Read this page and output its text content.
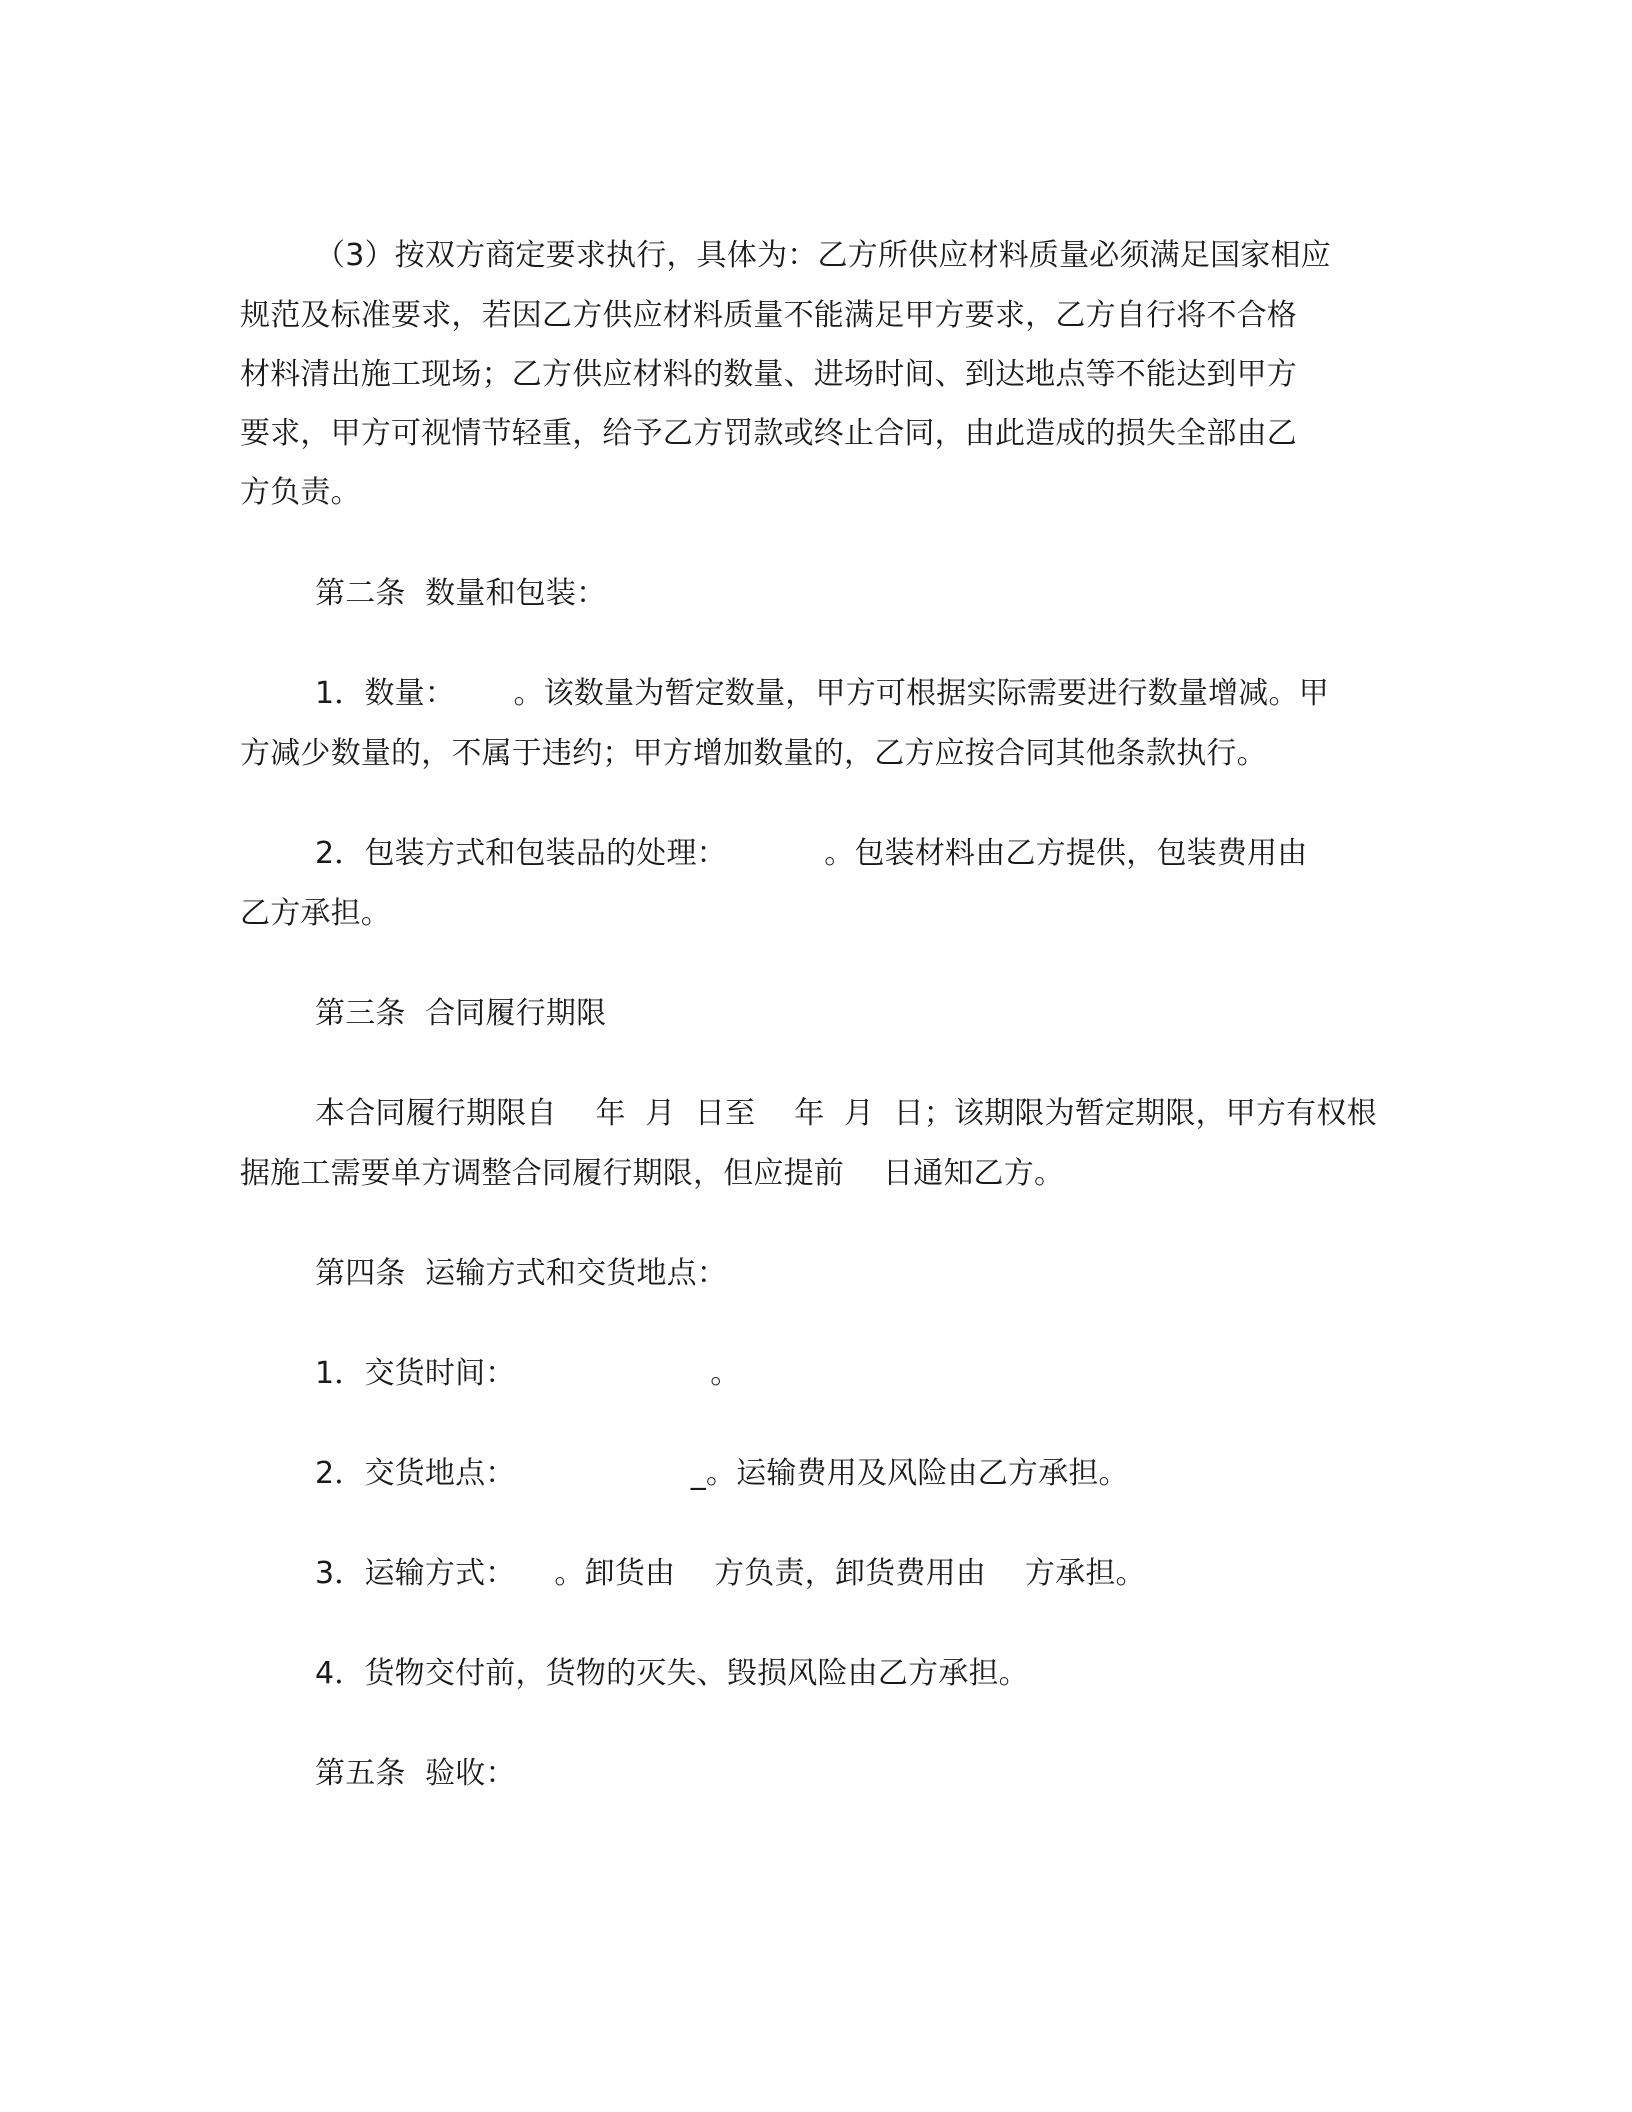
（3）按双方商定要求执行，具体为：乙方所供应材料质量必须满足国家相应
规范及标准要求，若因乙方供应材料质量不能满足甲方要求，乙方自行将不合格
材料清出施工现场；乙方供应材料的数量、进场时间、到达地点等不能达到甲方
要求，甲方可视情节轻重，给予乙方罚款或终止合同，由此造成的损失全部由乙
方负责。
第二条  数量和包装：
1．数量：      。该数量为暂定数量，甲方可根据实际需要进行数量增减。甲
方减少数量的，不属于违约；甲方增加数量的，乙方应按合同其他条款执行。
2．包装方式和包装品的处理：          。包装材料由乙方提供，包装费用由
乙方承担。
第三条  合同履行期限
本合同履行期限自    年  月  日至    年  月  日；该期限为暂定期限，甲方有权根
据施工需要单方调整合同履行期限，但应提前    日通知乙方。
第四条  运输方式和交货地点：
1．交货时间：                    。
2．交货地点：                  _。运输费用及风险由乙方承担。
3．运输方式：    。卸货由    方负责，卸货费用由    方承担。
4．货物交付前，货物的灭失、毁损风险由乙方承担。
第五条  验收：
